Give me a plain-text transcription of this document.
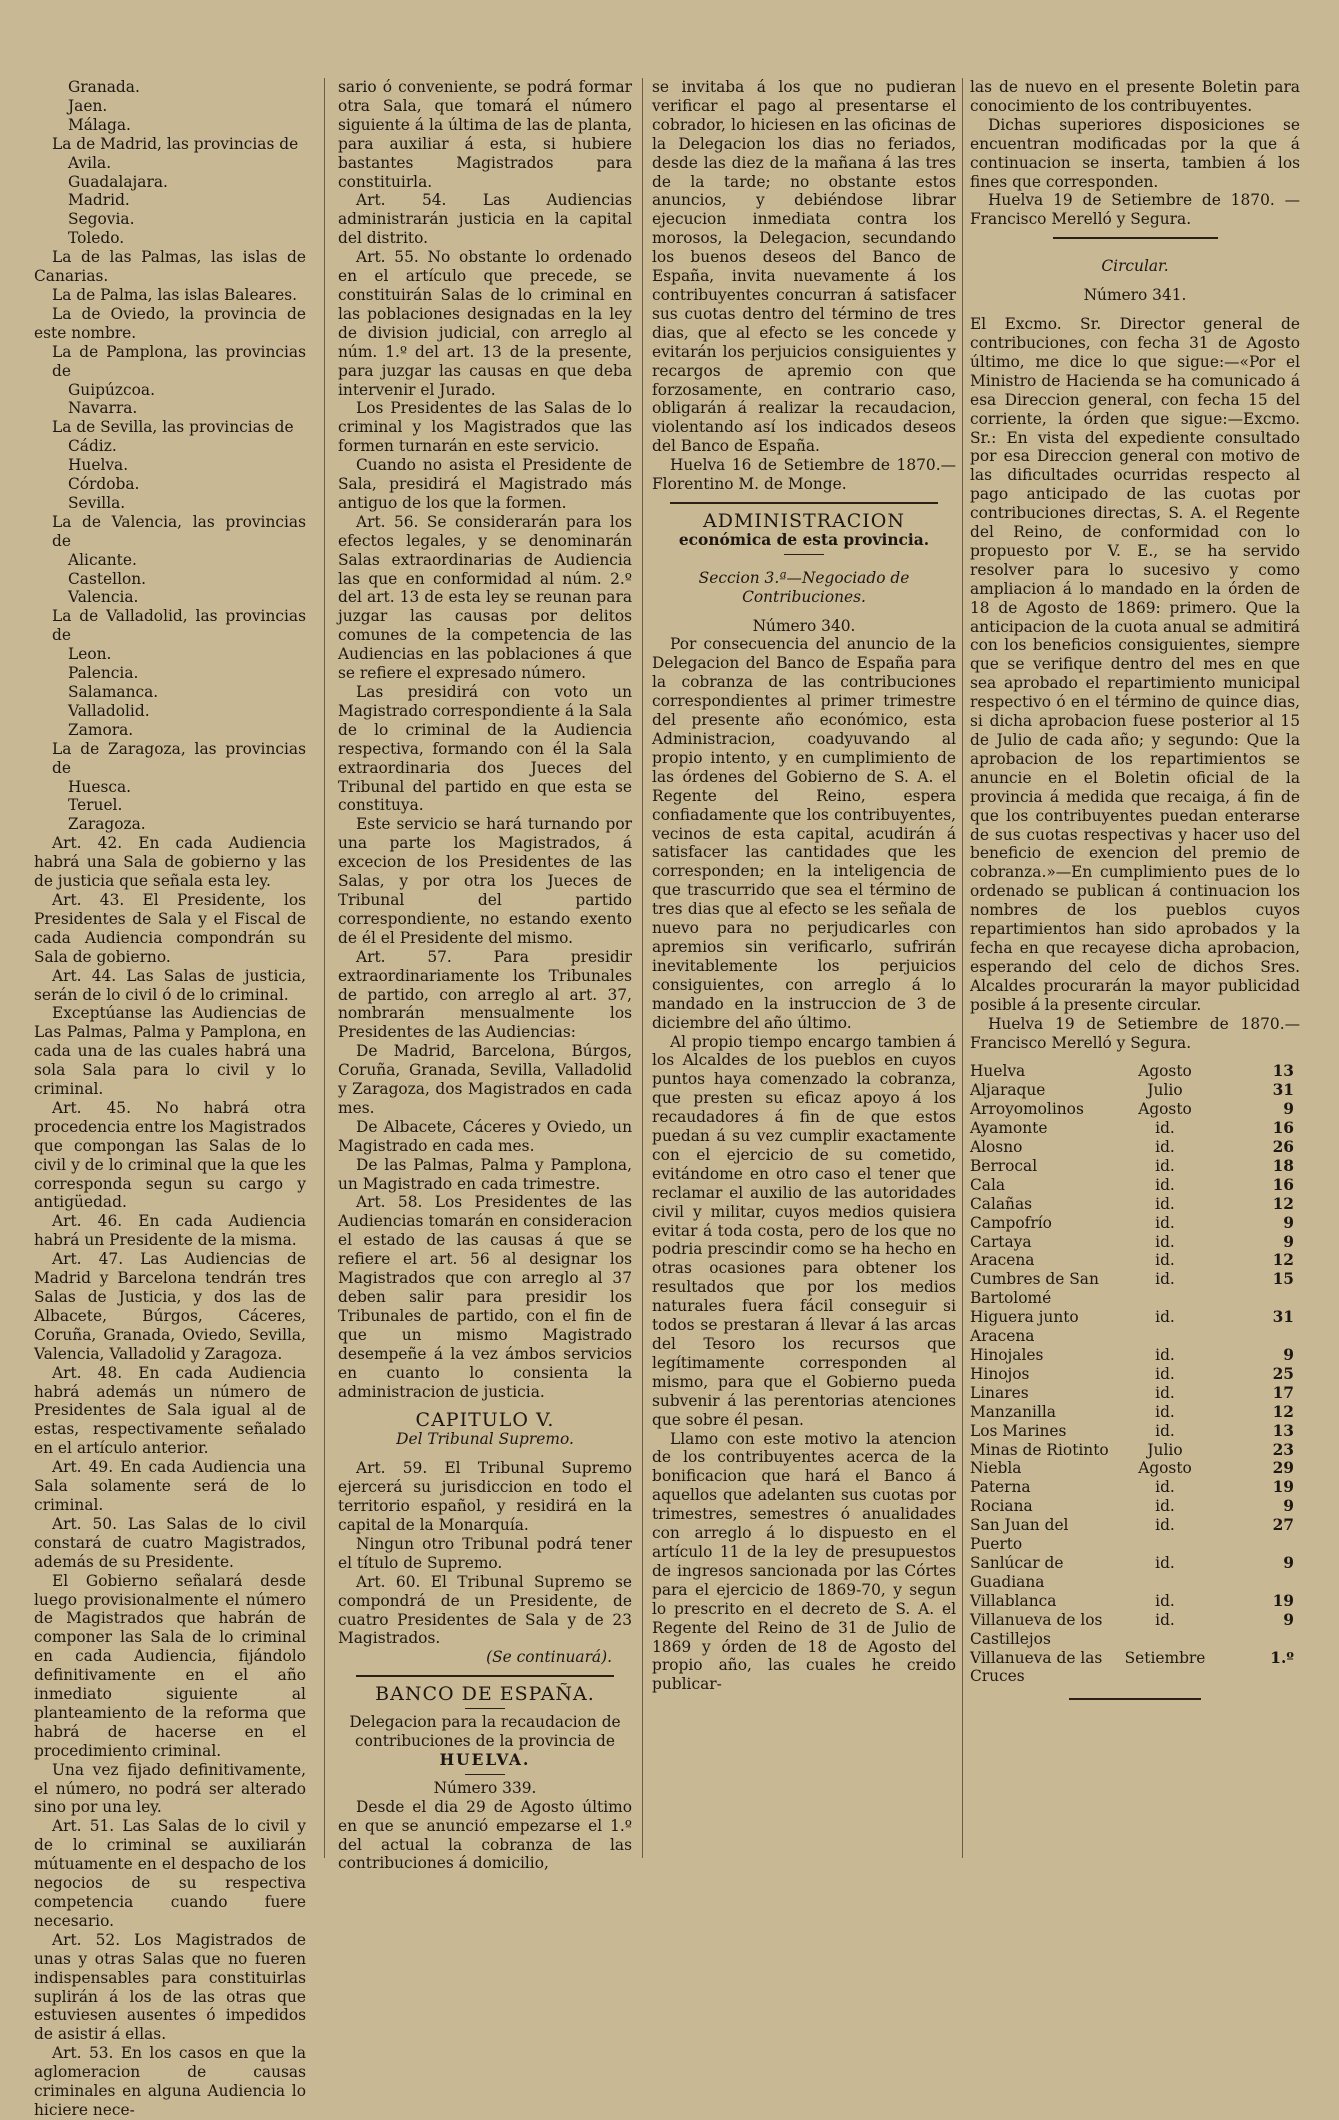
Granada.

Jaen.

Málaga.

La de Madrid, las provincias de

Avila.

Guadalajara.

Madrid.

Segovia.

Toledo.

La de las Palmas, las islas de Canarias.

La de Palma, las islas Baleares.

La de Oviedo, la provincia de este nombre.

La de Pamplona, las provincias de

Guipúzcoa.

Navarra.

La de Sevilla, las provincias de

Cádiz.

Huelva.

Córdoba.

Sevilla.

La de Valencia, las provincias de

Alicante.

Castellon.

Valencia.

La de Valladolid, las provincias de

Leon.

Palencia.

Salamanca.

Valladolid.

Zamora.

La de Zaragoza, las provincias de

Huesca.

Teruel.

Zaragoza.

Art. 42. En cada Audiencia habrá una Sala de gobierno y las de justicia que señala esta ley.

Art. 43. El Presidente, los Presidentes de Sala y el Fiscal de cada Audiencia compondrán su Sala de gobierno.

Art. 44. Las Salas de justicia, serán de lo civil ó de lo criminal.

Exceptúanse las Audiencias de Las Palmas, Palma y Pamplona, en cada una de las cuales habrá una sola Sala para lo civil y lo criminal.

Art. 45. No habrá otra procedencia entre los Magistrados que compongan las Salas de lo civil y de lo criminal que la que les corresponda segun su cargo y antigüedad.

Art. 46. En cada Audiencia habrá un Presidente de la misma.

Art. 47. Las Audiencias de Madrid y Barcelona tendrán tres Salas de Justicia, y dos las de Albacete, Búrgos, Cáceres, Coruña, Granada, Oviedo, Sevilla, Valencia, Valladolid y Zaragoza.

Art. 48. En cada Audiencia habrá además un número de Presidentes de Sala igual al de estas, respectivamente señalado en el artículo anterior.

Art. 49. En cada Audiencia una Sala solamente será de lo criminal.

Art. 50. Las Salas de lo civil constará de cuatro Magistrados, además de su Presidente.

El Gobierno señalará desde luego provisionalmente el número de Magistrados que habrán de componer las Sala de lo criminal en cada Audiencia, fijándolo definitivamente en el año inmediato siguiente al planteamiento de la reforma que habrá de hacerse en el procedimiento criminal.

Una vez fijado definitivamente, el número, no podrá ser alterado sino por una ley.

Art. 51. Las Salas de lo civil y de lo criminal se auxiliarán mútuamente en el despacho de los negocios de su respectiva competencia cuando fuere necesario.

Art. 52. Los Magistrados de unas y otras Salas que no fueren indispensables para constituirlas suplirán á los de las otras que estuviesen ausentes ó impedidos de asistir á ellas.

Art. 53. En los casos en que la aglomeracion de causas criminales en alguna Audiencia lo hiciere nece-

sario ó conveniente, se podrá formar otra Sala, que tomará el número siguiente á la última de las de planta, para auxiliar á esta, si hubiere bastantes Magistrados para constituirla.

Art. 54. Las Audiencias administrarán justicia en la capital del distrito.

Art. 55. No obstante lo ordenado en el artículo que precede, se constituirán Salas de lo criminal en las poblaciones designadas en la ley de division judicial, con arreglo al núm. 1.º del art. 13 de la presente, para juzgar las causas en que deba intervenir el Jurado.

Los Presidentes de las Salas de lo criminal y los Magistrados que las formen turnarán en este servicio.

Cuando no asista el Presidente de Sala, presidirá el Magistrado más antiguo de los que la formen.

Art. 56. Se considerarán para los efectos legales, y se denominarán Salas extraordinarias de Audiencia las que en conformidad al núm. 2.º del art. 13 de esta ley se reunan para juzgar las causas por delitos comunes de la competencia de las Audiencias en las poblaciones á que se refiere el expresado número.

Las presidirá con voto un Magistrado correspondiente á la Sala de lo criminal de la Audiencia respectiva, formando con él la Sala extraordinaria dos Jueces del Tribunal del partido en que esta se constituya.

Este servicio se hará turnando por una parte los Magistrados, á excecion de los Presidentes de las Salas, y por otra los Jueces de Tribunal del partido correspondiente, no estando exento de él el Presidente del mismo.

Art. 57. Para presidir extraordinariamente los Tribunales de partido, con arreglo al art. 37, nombrarán mensualmente los Presidentes de las Audiencias:

De Madrid, Barcelona, Búrgos, Coruña, Granada, Sevilla, Valladolid y Zaragoza, dos Magistrados en cada mes.

De Albacete, Cáceres y Oviedo, un Magistrado en cada mes.

De las Palmas, Palma y Pamplona, un Magistrado en cada trimestre.

Art. 58. Los Presidentes de las Audiencias tomarán en consideracion el estado de las causas á que se refiere el art. 56 al designar los Magistrados que con arreglo al 37 deben salir para presidir los Tribunales de partido, con el fin de que un mismo Magistrado desempeñe á la vez ámbos servicios en cuanto lo consienta la administracion de justicia.

CAPITULO V.

Del Tribunal Supremo.

Art. 59. El Tribunal Supremo ejercerá su jurisdiccion en todo el territorio español, y residirá en la capital de la Monarquía.

Ningun otro Tribunal podrá tener el título de Supremo.

Art. 60. El Tribunal Supremo se compondrá de un Presidente, de cuatro Presidentes de Sala y de 23 Magistrados.

(Se continuará).

BANCO DE ESPAÑA.

Delegacion para la recaudacion de contribuciones de la provincia de

HUELVA.

Número 339.

Desde el dia 29 de Agosto último en que se anunció empezarse el 1.º del actual la cobranza de las contribuciones á domicilio,

se invitaba á los que no pudieran verificar el pago al presentarse el cobrador, lo hiciesen en las oficinas de la Delegacion los dias no feriados, desde las diez de la mañana á las tres de la tarde; no obstante estos anuncios, y debiéndose librar ejecucion inmediata contra los morosos, la Delegacion, secundando los buenos deseos del Banco de España, invita nuevamente á los contribuyentes concurran á satisfacer sus cuotas dentro del término de tres dias, que al efecto se les concede y evitarán los perjuicios consiguientes y recargos de apremio con que forzosamente, en contrario caso, obligarán á realizar la recaudacion, violentando así los indicados deseos del Banco de España.

Huelva 16 de Setiembre de 1870.—Florentino M. de Monge.

ADMINISTRACION

económica de esta provincia.

Seccion 3.ª—Negociado de Contribuciones.

Número 340.

Por consecuencia del anuncio de la Delegacion del Banco de España para la cobranza de las contribuciones correspondientes al primer trimestre del presente año económico, esta Administracion, coadyuvando al propio intento, y en cumplimiento de las órdenes del Gobierno de S. A. el Regente del Reino, espera confiadamente que los contribuyentes, vecinos de esta capital, acudirán á satisfacer las cantidades que les corresponden; en la inteligencia de que trascurrido que sea el término de tres dias que al efecto se les señala de nuevo para no perjudicarles con apremios sin verificarlo, sufrirán inevitablemente los perjuicios consiguientes, con arreglo á lo mandado en la instruccion de 3 de diciembre del año último.

Al propio tiempo encargo tambien á los Alcaldes de los pueblos en cuyos puntos haya comenzado la cobranza, que presten su eficaz apoyo á los recaudadores á fin de que estos puedan á su vez cumplir exactamente con el ejercicio de su cometido, evitándome en otro caso el tener que reclamar el auxilio de las autoridades civil y militar, cuyos medios quisiera evitar á toda costa, pero de los que no podria prescindir como se ha hecho en otras ocasiones para obtener los resultados que por los medios naturales fuera fácil conseguir si todos se prestaran á llevar á las arcas del Tesoro los recursos que legítimamente corresponden al mismo, para que el Gobierno pueda subvenir á las perentorias atenciones que sobre él pesan.

Llamo con este motivo la atencion de los contribuyentes acerca de la bonificacion que hará el Banco á aquellos que adelanten sus cuotas por trimestres, semestres ó anualidades con arreglo á lo dispuesto en el artículo 11 de la ley de presupuestos de ingresos sancionada por las Córtes para el ejercicio de 1869-70, y segun lo prescrito en el decreto de S. A. el Regente del Reino de 31 de Julio de 1869 y órden de 18 de Agosto del propio año, las cuales he creido publicar-

las de nuevo en el presente Boletin para conocimiento de los contribuyentes.

Dichas superiores disposiciones se encuentran modificadas por la que á continuacion se inserta, tambien á los fines que corresponden.

Huelva 19 de Setiembre de 1870. —Francisco Merelló y Segura.

Circular.

Número 341.

El Excmo. Sr. Director general de contribuciones, con fecha 31 de Agosto último, me dice lo que sigue:—«Por el Ministro de Hacienda se ha comunicado á esa Direccion general, con fecha 15 del corriente, la órden que sigue:—Excmo. Sr.: En vista del expediente consultado por esa Direccion general con motivo de las dificultades ocurridas respecto al pago anticipado de las cuotas por contribuciones directas, S. A. el Regente del Reino, de conformidad con lo propuesto por V. E., se ha servido resolver para lo sucesivo y como ampliacion á lo mandado en la órden de 18 de Agosto de 1869: primero. Que la anticipacion de la cuota anual se admitirá con los beneficios consiguientes, siempre que se verifique dentro del mes en que sea aprobado el repartimiento municipal respectivo ó en el término de quince dias, si dicha aprobacion fuese posterior al 15 de Julio de cada año; y segundo: Que la aprobacion de los repartimientos se anuncie en el Boletin oficial de la provincia á medida que recaiga, á fin de que los contribuyentes puedan enterarse de sus cuotas respectivas y hacer uso del beneficio de exencion del premio de cobranza.»—En cumplimiento pues de lo ordenado se publican á continuacion los nombres de los pueblos cuyos repartimientos han sido aprobados y la fecha en que recayese dicha aprobacion, esperando del celo de dichos Sres. Alcaldes procurarán la mayor publicidad posible á la presente circular.

Huelva 19 de Setiembre de 1870.— Francisco Merelló y Segura.

Huelva	Agosto	13
Aljaraque	Julio	31
Arroyomolinos	Agosto	9
Ayamonte	id.	16
Alosno	id.	26
Berrocal	id.	18
Cala	id.	16
Calañas	id.	12
Campofrío	id.	9
Cartaya	id.	9
Aracena	id.	12
Cumbres de San Bartolomé	id.	15
Higuera junto Aracena	id.	31
Hinojales	id.	9
Hinojos	id.	25
Linares	id.	17
Manzanilla	id.	12
Los Marines	id.	13
Minas de Riotinto	Julio	23
Niebla	Agosto	29
Paterna	id.	19
Rociana	id.	9
San Juan del Puerto	id.	27
Sanlúcar de Guadiana	id.	9
Villablanca	id.	19
Villanueva de los Castillejos	id.	9
Villanueva de las Cruces	Setiembre	1.º
